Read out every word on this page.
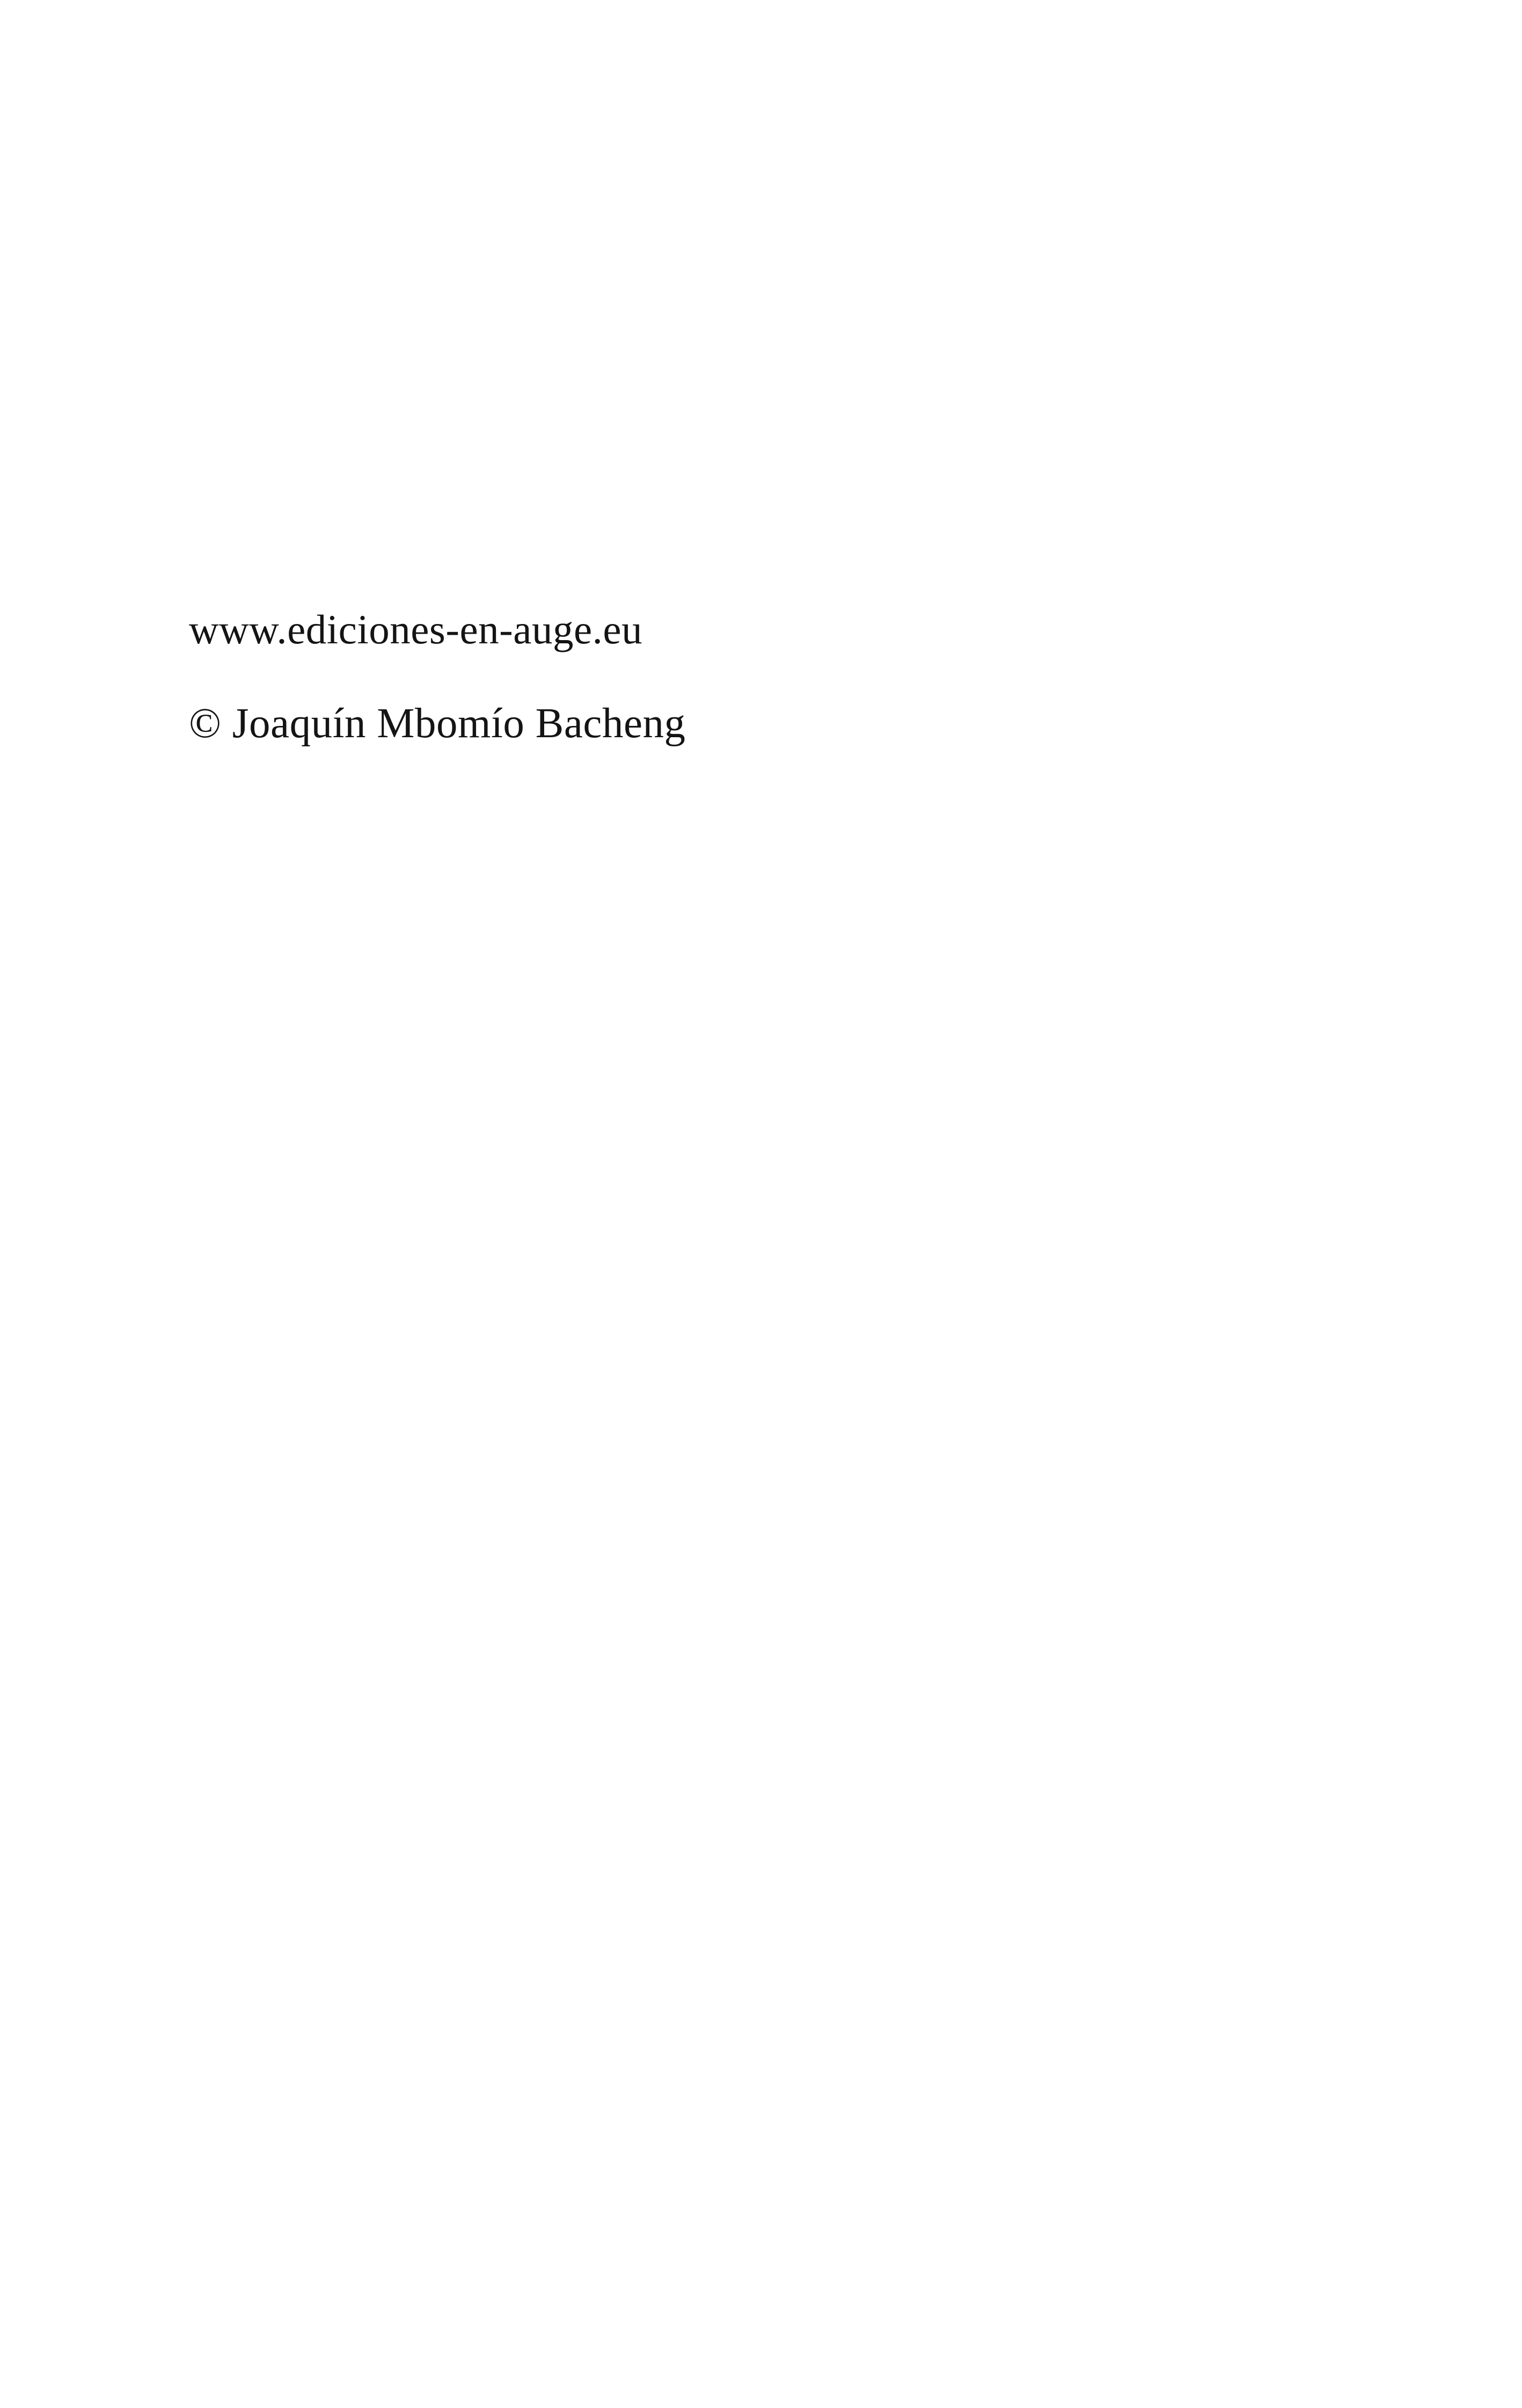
www.ediciones-en-auge.eu
© Joaquín Mbomío Bacheng
